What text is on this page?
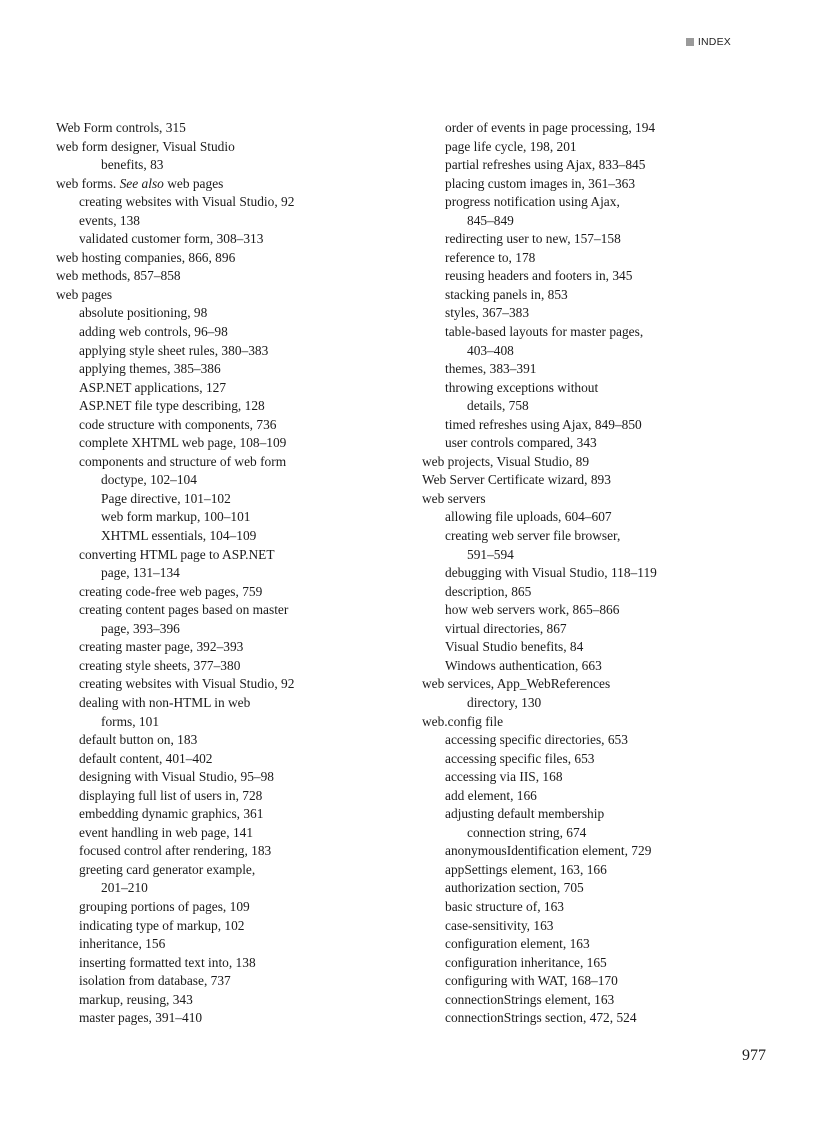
INDEX
Web Form controls, 315
web form designer, Visual Studio
benefits, 83
web forms. See also web pages
creating websites with Visual Studio, 92
events, 138
validated customer form, 308–313
web hosting companies, 866, 896
web methods, 857–858
web pages
absolute positioning, 98
adding web controls, 96–98
applying style sheet rules, 380–383
applying themes, 385–386
ASP.NET applications, 127
ASP.NET file type describing, 128
code structure with components, 736
complete XHTML web page, 108–109
components and structure of web form
doctype, 102–104
Page directive, 101–102
web form markup, 100–101
XHTML essentials, 104–109
converting HTML page to ASP.NET
page, 131–134
creating code-free web pages, 759
creating content pages based on master
page, 393–396
creating master page, 392–393
creating style sheets, 377–380
creating websites with Visual Studio, 92
dealing with non-HTML in web
forms, 101
default button on, 183
default content, 401–402
designing with Visual Studio, 95–98
displaying full list of users in, 728
embedding dynamic graphics, 361
event handling in web page, 141
focused control after rendering, 183
greeting card generator example,
201–210
grouping portions of pages, 109
indicating type of markup, 102
inheritance, 156
inserting formatted text into, 138
isolation from database, 737
markup, reusing, 343
master pages, 391–410
order of events in page processing, 194
page life cycle, 198, 201
partial refreshes using Ajax, 833–845
placing custom images in, 361–363
progress notification using Ajax,
845–849
redirecting user to new, 157–158
reference to, 178
reusing headers and footers in, 345
stacking panels in, 853
styles, 367–383
table-based layouts for master pages,
403–408
themes, 383–391
throwing exceptions without
details, 758
timed refreshes using Ajax, 849–850
user controls compared, 343
web projects, Visual Studio, 89
Web Server Certificate wizard, 893
web servers
allowing file uploads, 604–607
creating web server file browser,
591–594
debugging with Visual Studio, 118–119
description, 865
how web servers work, 865–866
virtual directories, 867
Visual Studio benefits, 84
Windows authentication, 663
web services, App_WebReferences
directory, 130
web.config file
accessing specific directories, 653
accessing specific files, 653
accessing via IIS, 168
add element, 166
adjusting default membership
connection string, 674
anonymousIdentification element, 729
appSettings element, 163, 166
authorization section, 705
basic structure of, 163
case-sensitivity, 163
configuration element, 163
configuration inheritance, 165
configuring with WAT, 168–170
connectionStrings element, 163
connectionStrings section, 472, 524
977
